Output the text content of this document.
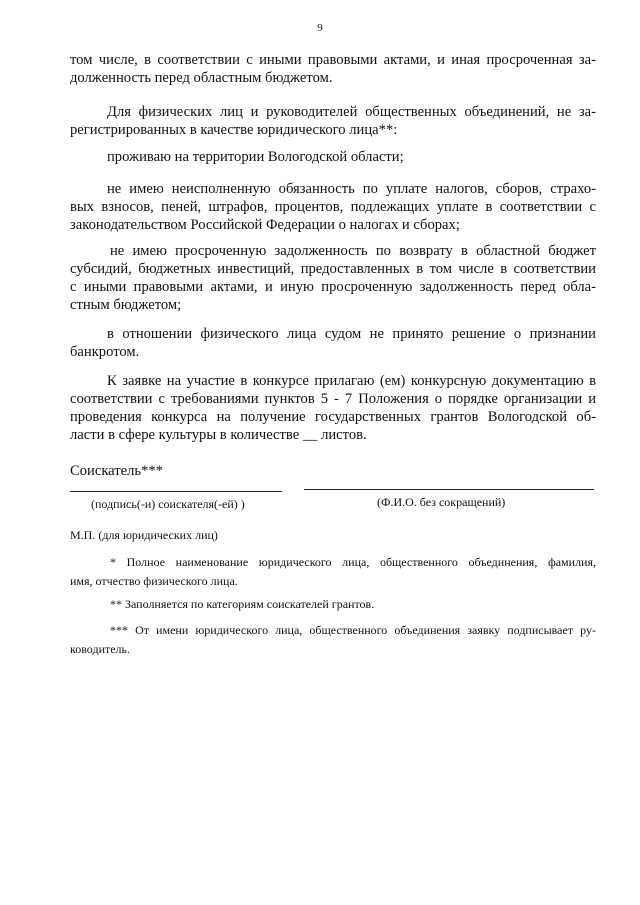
9
том числе, в соответствии с иными правовыми актами, и иная просроченная за-
долженность перед областным бюджетом.
Для физических лиц и руководителей общественных объединений, не за-
регистрированных в качестве юридического лица**:
проживаю на территории Вологодской области;
не имею неисполненную обязанность по уплате налогов, сборов, страхо-
вых взносов, пеней, штрафов, процентов, подлежащих уплате в соответствии с
законодательством Российской Федерации о налогах и сборах;
не имею просроченную задолженность по возврату в областной бюджет
субсидий, бюджетных инвестиций, предоставленных в том числе в соответствии
с иными правовыми актами, и иную просроченную задолженность перед обла-
стным бюджетом;
в отношении физического лица судом не принято решение о признании
банкротом.
К заявке на участие в конкурсе прилагаю (ем) конкурсную документацию в
соответствии с требованиями пунктов 5 - 7 Положения о порядке организации и
проведения конкурса на получение государственных грантов Вологодской об-
ласти в сфере культуры в количестве __ листов.
Соискатель***
(подпись(-и) соискателя(-ей) )	(Ф.И.О. без сокращений)
М.П. (для юридических лиц)
* Полное наименование юридического лица, общественного объединения, фамилия,
имя, отчество физического лица.
** Заполняется по категориям соискателей грантов.
*** От имени юридического лица, общественного объединения заявку подписывает ру-
ководитель.
